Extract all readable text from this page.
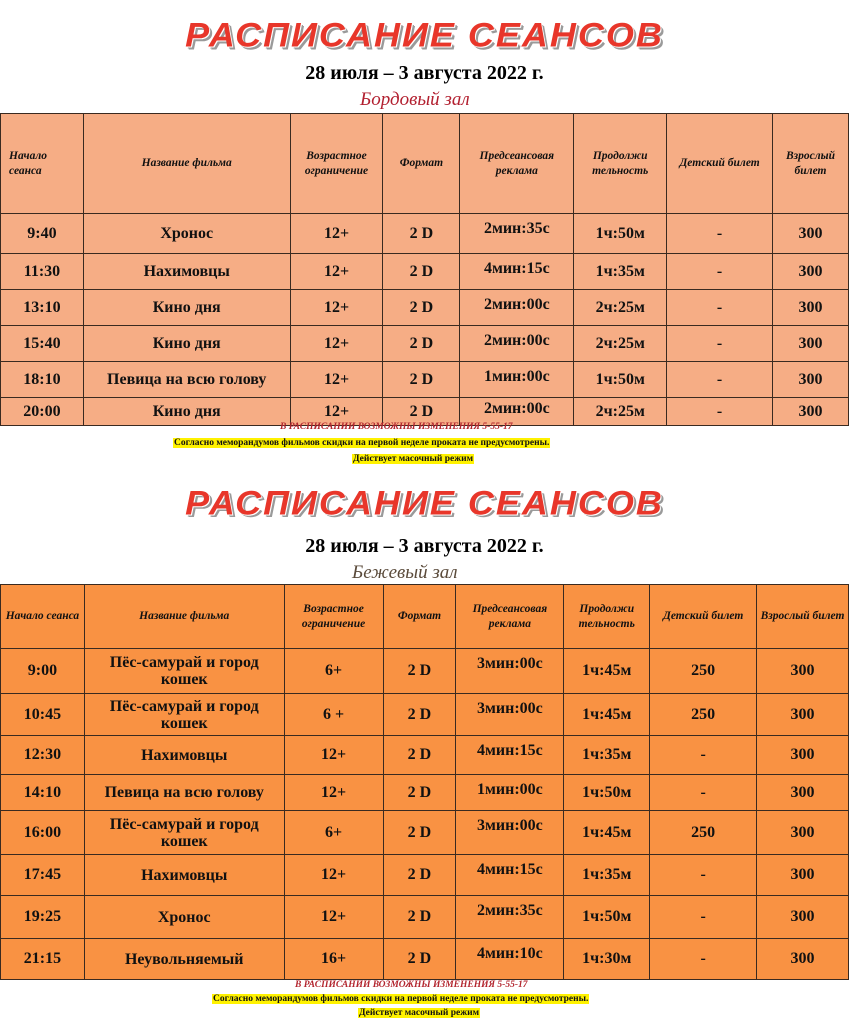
РАСПИСАНИЕ СЕАНСОВ
28 июля – 3 августа 2022 г.
Бордовый зал
Начало сеанса	Название фильма	Возрастное ограничение	Формат	Предсеансовая реклама	Продолжи тельность	Детский билет	Взрослый билет
9:40	Хронос	12+	2 D	2мин:35с	1ч:50м	-	300
11:30	Нахимовцы	12+	2 D	4мин:15с	1ч:35м	-	300
13:10	Кино дня	12+	2 D	2мин:00с	2ч:25м	-	300
15:40	Кино дня	12+	2 D	2мин:00с	2ч:25м	-	300
18:10	Певица на всю голову	12+	2 D	1мин:00с	1ч:50м	-	300
20:00	Кино дня	12+	2 D	2мин:00с	2ч:25м	-	300
В РАСПИСАНИИ ВОЗМОЖНЫ ИЗМЕНЕНИЯ 5-55-17
Согласно меморандумов фильмов скидки на первой неделе проката не предусмотрены.
Действует масочный режим
РАСПИСАНИЕ СЕАНСОВ
28 июля – 3 августа 2022 г.
Бежевый зал
Начало сеанса	Название фильма	Возрастное ограничение	Формат	Предсеансовая реклама	Продолжи тельность	Детский билет	Взрослый билет
9:00	Пёс-самурай и город кошек	6+	2 D	3мин:00с	1ч:45м	250	300
10:45	Пёс-самурай и город кошек	6 +	2 D	3мин:00с	1ч:45м	250	300
12:30	Нахимовцы	12+	2 D	4мин:15с	1ч:35м	-	300
14:10	Певица на всю голову	12+	2 D	1мин:00с	1ч:50м	-	300
16:00	Пёс-самурай и город кошек	6+	2 D	3мин:00с	1ч:45м	250	300
17:45	Нахимовцы	12+	2 D	4мин:15с	1ч:35м	-	300
19:25	Хронос	12+	2 D	2мин:35с	1ч:50м	-	300
21:15	Неувольняемый	16+	2 D	4мин:10с	1ч:30м	-	300
В РАСПИСАНИИ ВОЗМОЖНЫ ИЗМЕНЕНИЯ 5-55-17
Согласно меморандумов фильмов скидки на первой неделе проката не предусмотрены.
Действует масочный режим
